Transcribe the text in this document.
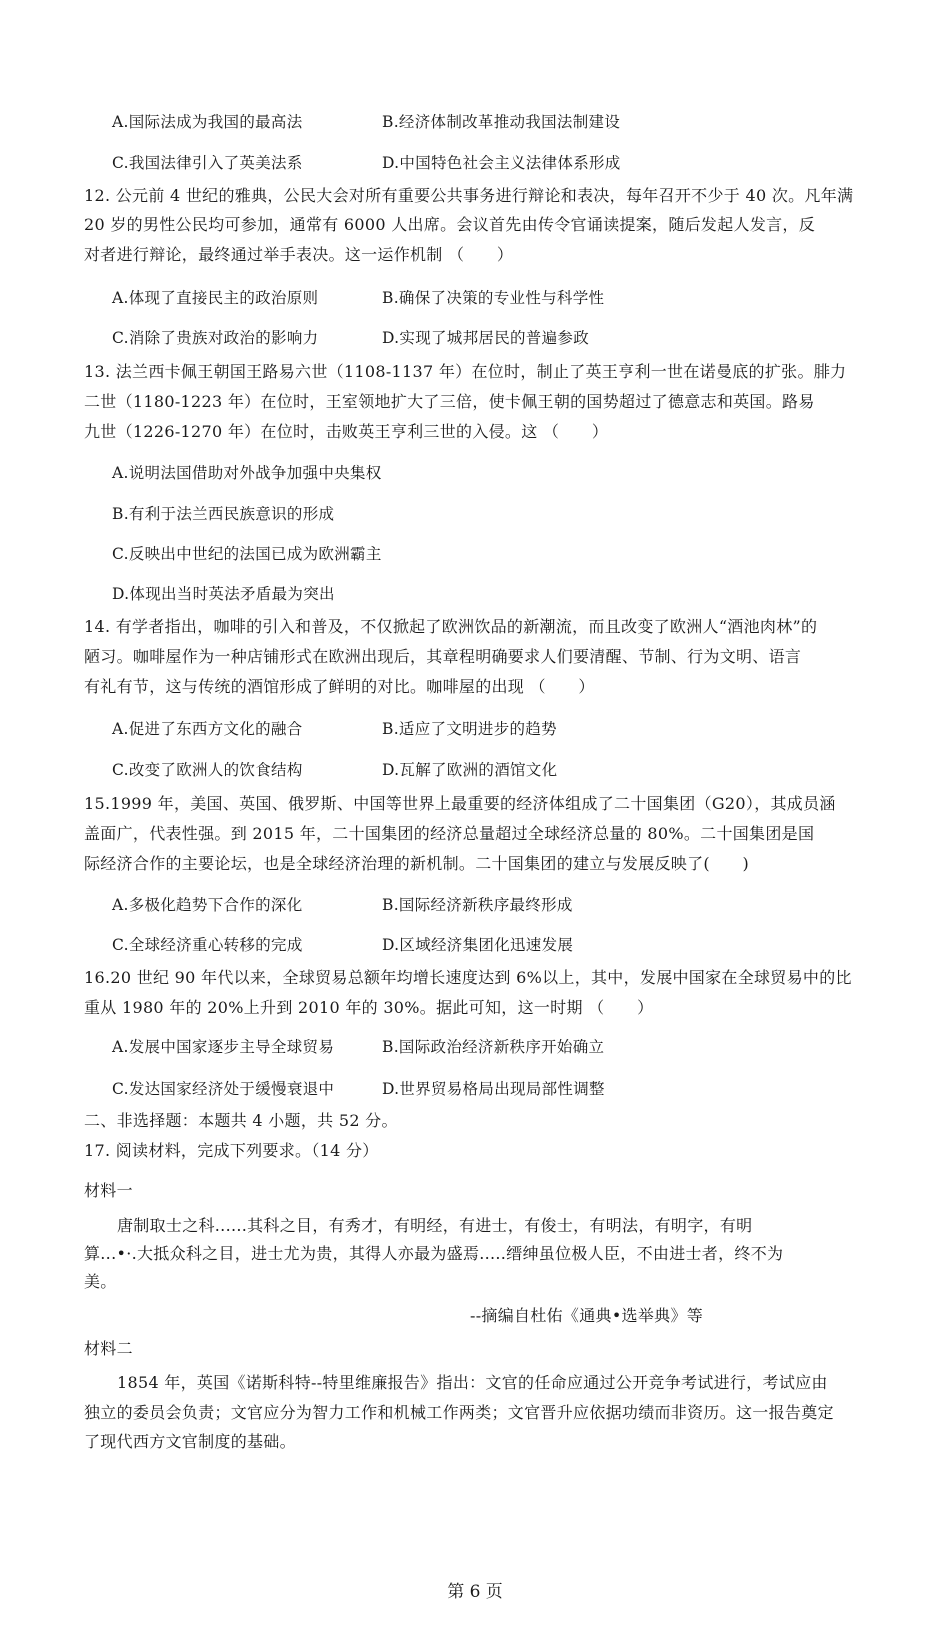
A.国际法成为我国的最高法	B.经济体制改革推动我国法制建设
C.我国法律引入了英美法系	D.中国特色社会主义法律体系形成
12. 公元前 4 世纪的雅典，公民大会对所有重要公共事务进行辩论和表决，每年召开不少于 40 次。凡年满
20 岁的男性公民均可参加，通常有 6000 人出席。会议首先由传令官诵读提案，随后发起人发言，反
对者进行辩论，最终通过举手表决。这一运作机制 （　　）
A.体现了直接民主的政治原则	B.确保了决策的专业性与科学性
C.消除了贵族对政治的影响力	D.实现了城邦居民的普遍参政
13. 法兰西卡佩王朝国王路易六世（1108-1137 年）在位时，制止了英王亨利一世在诺曼底的扩张。腓力
二世（1180-1223 年）在位时，王室领地扩大了三倍，使卡佩王朝的国势超过了德意志和英国。路易
九世（1226-1270 年）在位时，击败英王亨利三世的入侵。这 （　　）
A.说明法国借助对外战争加强中央集权
B.有利于法兰西民族意识的形成
C.反映出中世纪的法国已成为欧洲霸主
D.体现出当时英法矛盾最为突出
14. 有学者指出，咖啡的引入和普及，不仅掀起了欧洲饮品的新潮流，而且改变了欧洲人“酒池肉林”的
陋习。咖啡屋作为一种店铺形式在欧洲出现后，其章程明确要求人们要清醒、节制、行为文明、语言
有礼有节，这与传统的酒馆形成了鲜明的对比。咖啡屋的出现 （　　）
A.促进了东西方文化的融合	B.适应了文明进步的趋势
C.改变了欧洲人的饮食结构	D.瓦解了欧洲的酒馆文化
15.1999 年，美国、英国、俄罗斯、中国等世界上最重要的经济体组成了二十国集团（G20），其成员涵
盖面广，代表性强。到 2015 年，二十国集团的经济总量超过全球经济总量的 80%。二十国集团是国
际经济合作的主要论坛，也是全球经济治理的新机制。二十国集团的建立与发展反映了(　　)
A.多极化趋势下合作的深化	B.国际经济新秩序最终形成
C.全球经济重心转移的完成	D.区域经济集团化迅速发展
16.20 世纪 90 年代以来，全球贸易总额年均增长速度达到 6%以上，其中，发展中国家在全球贸易中的比
重从 1980 年的 20%上升到 2010 年的 30%。据此可知，这一时期 （　　）
A.发展中国家逐步主导全球贸易	B.国际政治经济新秩序开始确立
C.发达国家经济处于缓慢衰退中	D.世界贸易格局出现局部性调整
二、非选择题：本题共 4 小题，共 52 分。
17. 阅读材料，完成下列要求。（14 分）
材料一
唐制取士之科......其科之目，有秀才，有明经，有进士，有俊士，有明法，有明字，有明
算...•·.大抵众科之目，进士尤为贵，其得人亦最为盛焉.....缙绅虽位极人臣，不由进士者，终不为
美。
--摘编自杜佑《通典•选举典》等
材料二
1854 年，英国《诺斯科特--特里维廉报告》指出：文官的任命应通过公开竞争考试进行，考试应由
独立的委员会负责；文官应分为智力工作和机械工作两类；文官晋升应依据功绩而非资历。这一报告奠定
了现代西方文官制度的基础。
第 6 页
